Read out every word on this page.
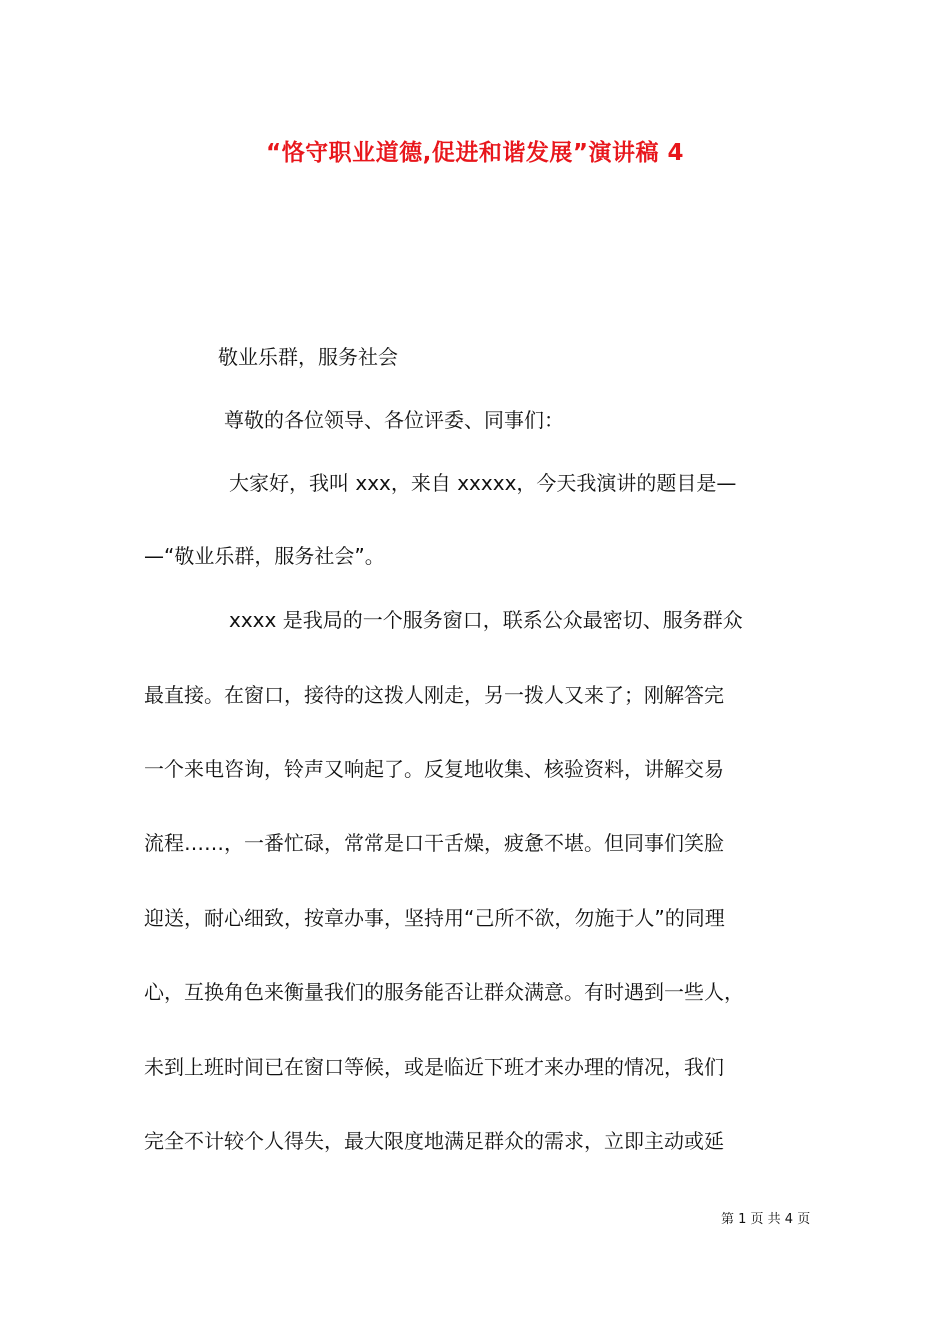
“恪守职业道德,促进和谐发展”演讲稿 4
敬业乐群，服务社会
尊敬的各位领导、各位评委、同事们：
大家好，我叫 xxx，来自 xxxxx，今天我演讲的题目是—
—“敬业乐群，服务社会”。
xxxx 是我局的一个服务窗口，联系公众最密切、服务群众
最直接。在窗口，接待的这拨人刚走，另一拨人又来了；刚解答完
一个来电咨询，铃声又响起了。反复地收集、核验资料，讲解交易
流程……，一番忙碌，常常是口干舌燥，疲惫不堪。但同事们笑脸
迎送，耐心细致，按章办事，坚持用“己所不欲，勿施于人”的同理
心，互换角色来衡量我们的服务能否让群众满意。有时遇到一些人，
未到上班时间已在窗口等候，或是临近下班才来办理的情况，我们
完全不计较个人得失，最大限度地满足群众的需求，立即主动或延
第 1 页 共 4 页
